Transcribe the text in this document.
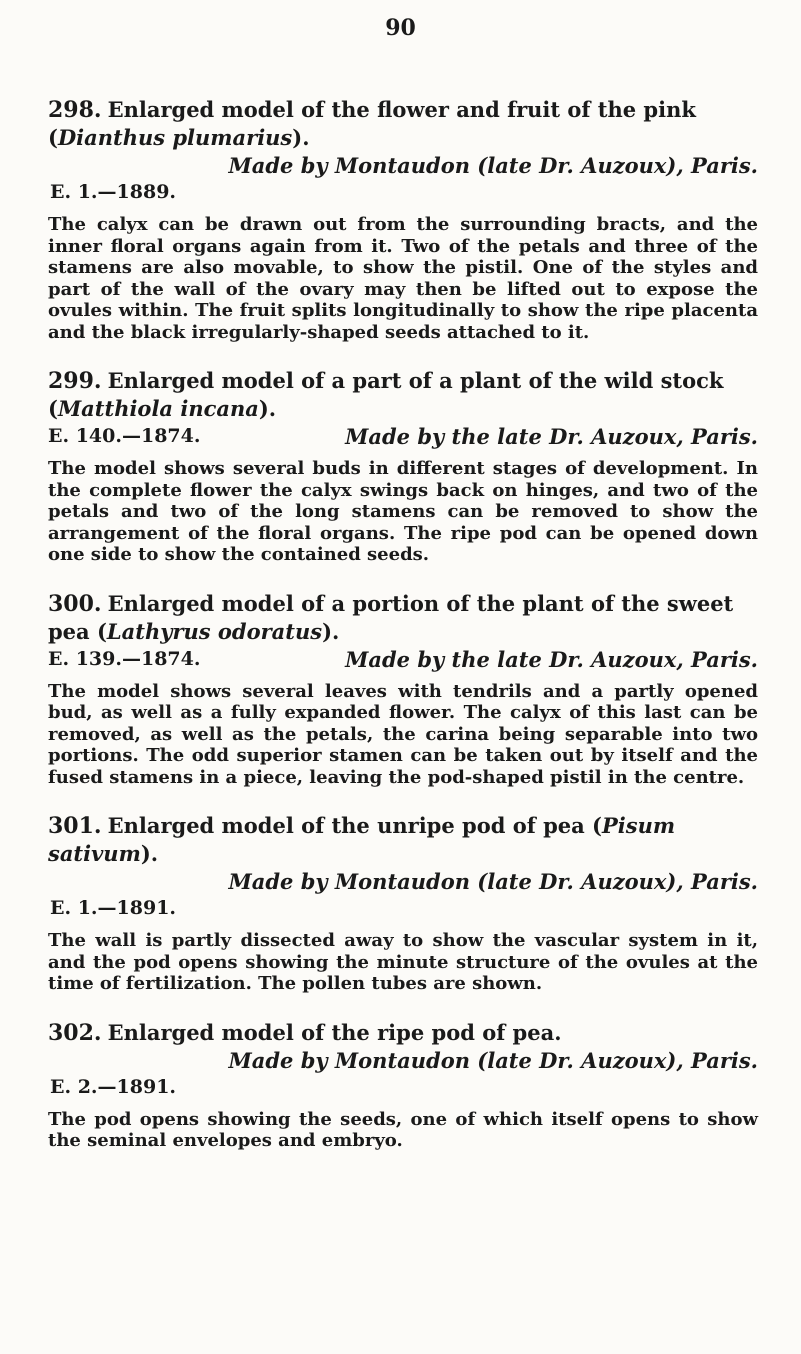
90
298. Enlarged model of the flower and fruit of the pink (Dianthus plumarius).
Made by Montaudon (late Dr. Auzoux), Paris.
E. 1.—1889.
The calyx can be drawn out from the surrounding bracts, and the inner floral organs again from it. Two of the petals and three of the stamens are also movable, to show the pistil. One of the styles and part of the wall of the ovary may then be lifted out to expose the ovules within. The fruit splits longitudinally to show the ripe placenta and the black irregularly-shaped seeds attached to it.
299. Enlarged model of a part of a plant of the wild stock (Matthiola incana).
E. 140.—1874.	Made by the late Dr. Auzoux, Paris.
The model shows several buds in different stages of development. In the complete flower the calyx swings back on hinges, and two of the petals and two of the long stamens can be removed to show the arrangement of the floral organs. The ripe pod can be opened down one side to show the contained seeds.
300. Enlarged model of a portion of the plant of the sweet pea (Lathyrus odoratus).
E. 139.—1874.	Made by the late Dr. Auzoux, Paris.
The model shows several leaves with tendrils and a partly opened bud, as well as a fully expanded flower. The calyx of this last can be removed, as well as the petals, the carina being separable into two portions. The odd superior stamen can be taken out by itself and the fused stamens in a piece, leaving the pod-shaped pistil in the centre.
301. Enlarged model of the unripe pod of pea (Pisum sativum).
Made by Montaudon (late Dr. Auzoux), Paris.
E. 1.—1891.
The wall is partly dissected away to show the vascular system in it, and the pod opens showing the minute structure of the ovules at the time of fertilization. The pollen tubes are shown.
302. Enlarged model of the ripe pod of pea.
Made by Montaudon (late Dr. Auzoux), Paris.
E. 2.—1891.
The pod opens showing the seeds, one of which itself opens to show the seminal envelopes and embryo.
